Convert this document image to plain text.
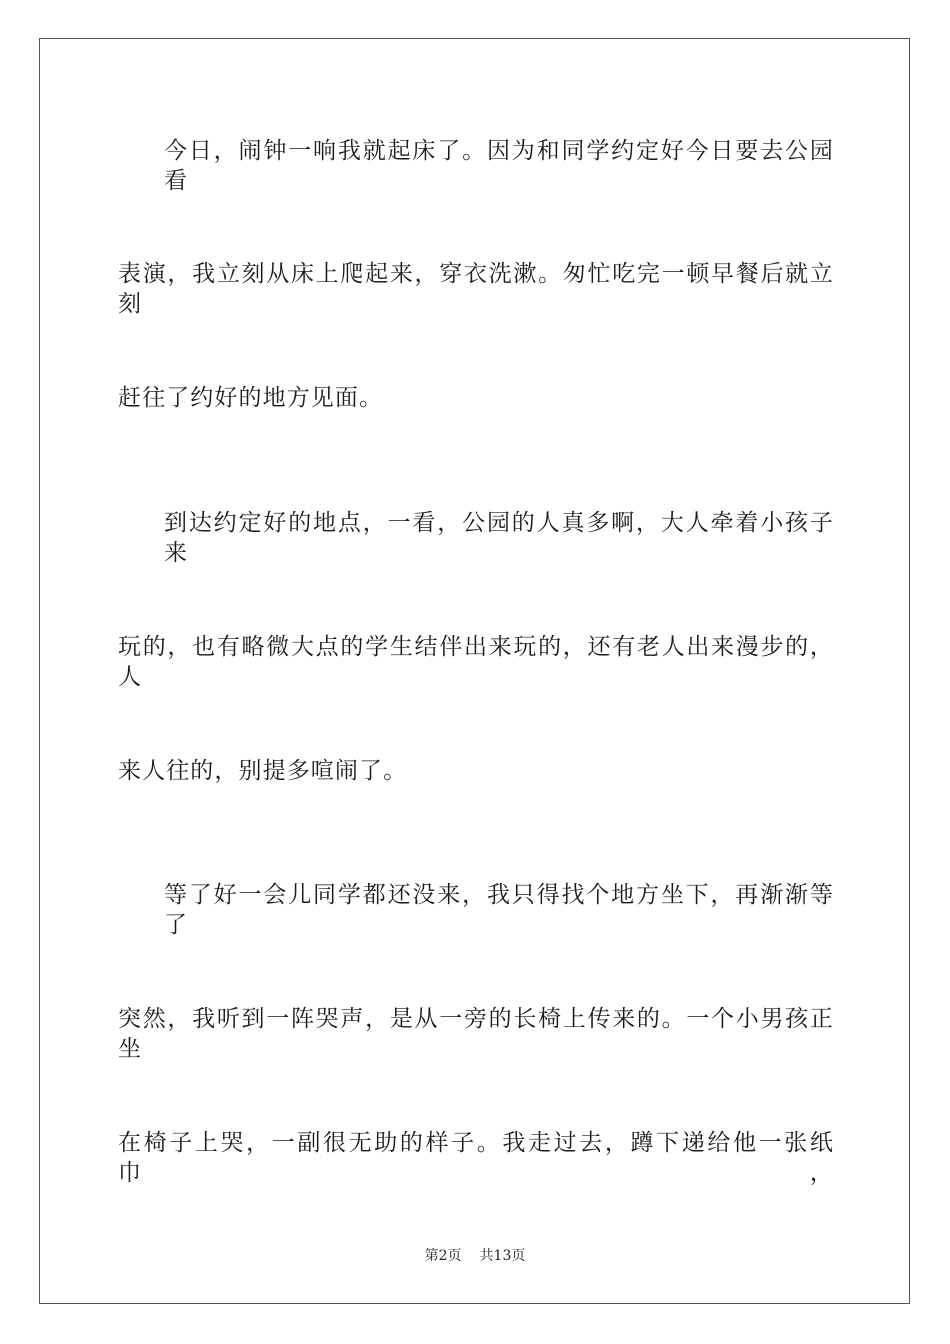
今日，闹钟一响我就起床了。因为和同学约定好今日要去公园看
表演，我立刻从床上爬起来，穿衣洗漱。匆忙吃完一顿早餐后就立刻
赶往了约好的地方见面。
到达约定好的地点，一看，公园的人真多啊，大人牵着小孩子来
玩的，也有略微大点的学生结伴出来玩的，还有老人出来漫步的，人
来人往的，别提多喧闹了。
等了好一会儿同学都还没来，我只得找个地方坐下，再渐渐等了
突然，我听到一阵哭声，是从一旁的长椅上传来的。一个小男孩正坐
在椅子上哭，一副很无助的样子。我走过去，蹲下递给他一张纸巾，
第2页 共13页
